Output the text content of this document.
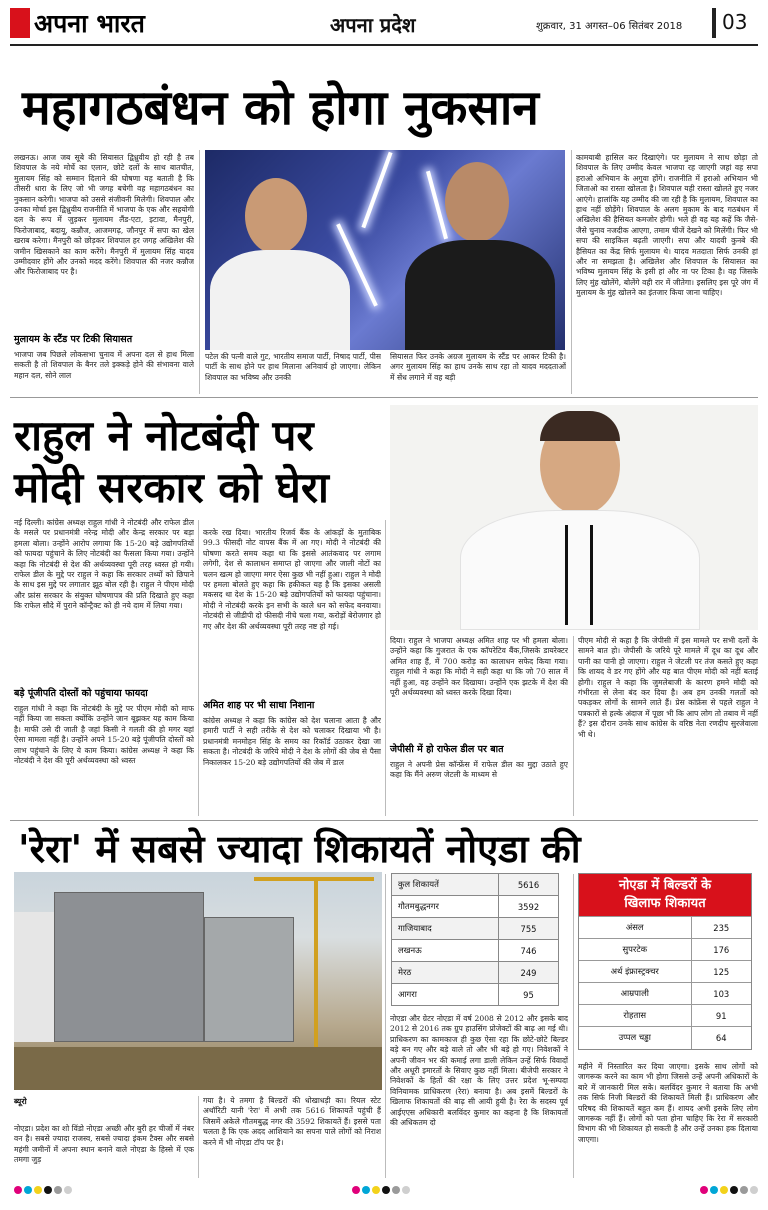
अपना भारत	अपना प्रदेश	शुक्रवार, 31 अगस्त–06 सितंबर 2018 03
महागठबंधन को होगा नुकसान
लखनऊ। आज जब सूबे की सियासत द्विध्रुवीय हो रही है तब शिवपाल के नये मोर्चे का एलान, छोटे दलों के साथ बातचीत, मुलायम सिंह को सम्मान दिलाने की घोषणा यह बताती है कि तीसरी धारा के लिए जो भी जगह बचेगी वह महागठबंधन का नुकसान करेगी। भाजपा को उससे संजीवनी मिलेगी। शिवपाल और उनका मोर्चा इस द्विध्रुवीय राजनीति में भाजपा के एक और सहयोगी दल के रूप में जुड़कर मुलायम लैंड-एटा, इटावा, मैनपुरी, फिरोजाबाद, बदायू, कन्नौज, आजमगढ़, जौनपुर में सपा का खेल खराब करेगा। मैनपुरी को छोड़कर शिवपाल हर जगह अखिलेश की जमीन खिसकाने का काम करेंगे। मैनपुरी में मुलायम सिंह यादव उम्मीदवार होंगे और उनको मदद करेंगे। शिवपाल की नजर कन्नौज और फिरोजाबाद पर है।
मुलायम के स्टैंड पर टिकी सियासत
भाजपा जब पिछले लोकसभा चुनाव में अपना दल से हाथ मिला सकती है तो शिवपाल के बैनर तले इक्कड़े होने की संभावना वाले महान दल, सोने लाल
पटेल की पत्नी वाले गुट, भारतीय समाज पार्टी, निषाद पार्टी, पीस पार्टी के साथ होने पर हाथ मिलाना अनिवार्य हो जाएगा। लेकिन शिवपाल का भविष्य और उनकी
सियासत फिर उनके अग्रज मुलायम के स्टैंड पर आकर टिकी है। अगर मुलायम सिंह का हाथ उनके साथ रहा तो यादव मददताओं में सेंध लगाने में वह बड़ी
कामयाबी हासिल कर दिखाएंगे। पर मुलायम ने साथ छोड़ा तो शिवपाल के लिए उम्मीद केवल भाजपा रह जाएगी जहां वह सपा हराओ अभियान के अगुवा होंगे। राजनीति में हराओ अभियान भी जिताओ का रास्ता खोलता है। शिवपाल यही रास्ता खोलते हुए नजर आएंगे। हालांकि यह उम्मीद की जा रही है कि मुलायम, शिवपाल का हाथ नहीं छोड़ेंगे। शिवपाल के अलग मुकाम के बाद गठबंधन में अखिलेश की हैसियत कमजोर होगी। भले ही वह यह कहें कि जैसे-जैसे चुनाव नजदीक आएगा, तमाम चीजें देखने को मिलेंगी। फिर भी सपा की साइकिल बढ़ती जाएगी। सपा और यादवी कुनबे की हैसियत का केंद्र सिर्फ मुलायम थे। यादव मतदाता सिर्फ उनकी हां और ना समझता है। अखिलेश और शिवपाल के सियासत का भविष्य मुलायम सिंह के इसी हां और ना पर टिका है। वह जिसके लिए मुंह खोलेंगे, बोलेंगे वही रार में जीतेगा। इसलिए इस पूरे जंग में मुलायम के मुंह खोलने का इंतजार किया जाना चाहिए।
राहुल ने नोटबंदी पर
मोदी सरकार को घेरा
नई दिल्ली। कांग्रेस अध्यक्ष राहुल गांधी ने नोटबंदी और राफेल डील के मसले पर प्रधानमंत्री नरेन्द्र मोदी और केन्द्र सरकार पर बड़ा हमला बोला। उन्होंने आरोप लगाया कि 15-20 बड़े उद्योगपतियों को फायदा पहुंचाने के लिए नोटबंदी का फैसला किया गया। उन्होंने कहा कि नोटबंदी से देश की अर्थव्यवस्था पूरी तरह ध्वस्त हो गयी। राफेल डील के मुद्दे पर राहुल ने कहा कि सरकार तथ्यों को छिपाने के साथ इस मुद्दे पर लगातार झूठ बोल रही है। राहुल ने पीएम मोदी और फ्रांस सरकार के संयुक्त घोषणापत्र की प्रति दिखाते हुए कहा कि राफेल सौदे में पुराने कॉन्ट्रैक्ट को ही नये दाम में लिया गया।
बड़े पूंजीपति दोस्तों को पहुंचाया फायदा
राहुल गांधी ने कहा कि नोटबंदी के मुद्दे पर पीएम मोदी को माफ नहीं किया जा सकता क्योंकि उन्होंने जान बूझकर यह काम किया है। माफी उसे दी जाती है जहां किसी ने गलती की हो मगर यहां ऐसा मामला नहीं है। उन्होंने अपने 15-20 बड़े पूंजीपति दोस्तों को लाभ पहुंचाने के लिए ये काम किया। कांग्रेस अध्यक्ष ने कहा कि नोटबंदी ने देश की पूरी अर्थव्यवस्था को ध्वस्त
करके रख दिया। भारतीय रिजर्व बैंक के आंकड़ों के मुताबिक 99.3 फीसदी नोट वापस बैंक में आ गए। मोदी ने नोटबंदी की घोषणा करते समय कहा था कि इससे आतंकवाद पर लगाम लगेगी, देश से कालाधन समाप्त हो जाएगा और जाली नोटों का चलन खत्म हो जाएगा मगर ऐसा कुछ भी नहीं हुआ। राहुल ने मोदी पर हमला बोलते हुए कहा कि हकीकत यह है कि इसका असली मकसद था देश के 15-20 बड़े उद्योगपतियों को फायदा पहुंचाना। मोदी ने नोटबंदी करके इन सभी के काले धन को सफेद बनवाया। नोटबंदी से जीडीपी दो फीसदी नीचे चला गया, करोड़ों बेरोजगार हो गए और देश की अर्थव्यवस्था पूरी तरह नष्ट हो गई।
अमित शाह पर भी साधा निशाना
कांग्रेस अध्यक्ष ने कहा कि कांग्रेस को देश चलाना आता है और हमारी पार्टी ने सही तरीके से देश को चलाकर दिखाया भी है। प्रधानमंत्री मनमोहन सिंह के समय का रिकॉर्ड उठाकर देखा जा सकता है। नोटबंदी के जरिये मोदी ने देश के लोगों की जेब से पैसा निकालकर 15-20 बड़े उद्योगपतियों की जेब में डाल
दिया। राहुल ने भाजपा अध्यक्ष अमित शाह पर भी हमला बोला। उन्होंने कहा कि गुजरात के एक कॉपरेटिव बैंक,जिसके डायरेक्टर अमित शाह हैं, में 700 करोड़ का कालाधन सफेद किया गया। राहुल गांधी ने कहा कि मोदी ने सही कहा था कि जो 70 साल में नहीं हुआ, वह उन्होंने कर दिखाया। उन्होंने एक झटके में देश की पूरी अर्थव्यवस्था को ध्वस्त करके दिखा दिया।
जेपीसी में हो राफेल डील पर बात
राहुल ने अपनी प्रेस कॉन्फ्रेंस में राफेल डील का मुद्दा उठाते हुए कहा कि मैंने अरुण जेटली के माध्यम से
पीएम मोदी से कहा है कि जेपीसी में इस मामले पर सभी दलों के सामने बात हो। जेपीसी के जरिये पूरे मामले में दूध का दूध और पानी का पानी हो जाएगा। राहुल ने जेटली पर तंज कसते हुए कहा कि शायद वे डर गए होंगे और यह बात पीएम मोदी को नहीं बताई होगी। राहुल ने कहा कि जुमलेबाजी के कारण हमने मोदी को गंभीरता से लेना बंद कर दिया है। अब हम उनकी गलतों को पकड़कर लोगों के सामने लाते हैं। प्रेस कांफ्रेंस से पहले राहुल ने पत्रकारों से हल्के अंदाज में पूछा भी कि आप लोग तो तबाव में नहीं हैं? इस दौरान उनके साथ कांग्रेस के वरिष्ठ नेता रणदीप सुरजेवाला भी थे।
'रेरा' में सबसे ज्यादा शिकायतें नोएडा की
ब्यूरो
नोएडा। प्रदेश का शो विंडो नोएडा अच्छी और बुरी हर चीजों में नंबर वन है। सबसे ज्यादा राजस्व, सबसे ज्यादा इंकम टैक्स और सबसे महंगी जमीनों में अपना स्थान बनाने वाले नोएडा के हिस्से में एक तमगा जुड़
गया है। ये तमगा है बिल्डरों की धोखाधड़ी का। रियल स्टेट अथॉरिटी यानी 'रेरा' में अभी तक 5616 शिकायतें पहुंची हैं जिसमें अकेले गौतमबुद्ध नगर की 3592 शिकायतें हैं। इससे पता चलता है कि एक अदद आशियाने का सपना पाले लोगों को निराश करने में भी नोएडा टॉप पर है।
कुल शिकायतें	5616
गौतमबुद्धनगर	3592
गाजियाबाद	755
लखनऊ	746
मेरठ	249
आगरा	95
नोएडा और ग्रेटर नोएडा में वर्ष 2008 से 2012 और इसके बाद 2012 से 2016 तक ग्रुप हाउसिंग प्रोजेक्टों की बाढ़ आ गई थी। प्राधिकरण का कामकाज ही कुछ ऐसा रहा कि छोटे-छोटे बिल्डर बड़े बन गए और बड़े वाले तो और भी बड़े हो गए। निवेशकों ने अपनी जीवन भर की कमाई लगा डाली लेकिन उन्हें सिर्फ विवादों और अधूरी इमारतों के सिवाए कुछ नहीं मिला। बीजेपी सरकार ने निवेशकों के हितों की रक्षा के लिए उत्तर प्रदेश भू-सम्पदा विनियामक प्राधिकरण (रेरा) बनाया है। अब इसमें बिल्डरों के खिलाफ शिकायतों की बाढ़ सी आयी हुयी है। रेरा के सदस्य पूर्व आईएएस अधिकारी बलविंदर कुमार का कहना है कि शिकायतों की अधिकतम दो
नोएडा में बिल्डरों के
खिलाफ शिकायत
अंसल	235
सुपरटेक	176
अर्थ इंफ्रास्ट्रक्चर	125
आम्रपाली	103
रोहतास	91
उप्पल चड्ढा	64
महीने में निस्तारित कर दिया जाएगा। इसके साथ लोगों को जागरूक करने का काम भी होगा जिससे उन्हें अपनी अधिकारों के बारे में जानकारी मिल सके। बलविंदर कुमार ने बताया कि अभी तक सिर्फ निजी बिल्डरों की शिकायतें मिली हैं। प्राधिकरण और परिषद की शिकायतें बहुत कम हैं। शायद अभी इसके लिए लोग जागरूक नहीं हैं। लोगों को पता होना चाहिए कि रेरा में सरकारी विभाग की भी शिकायत हो सकती है और उन्हें उनका हक दिलाया जाएगा।
